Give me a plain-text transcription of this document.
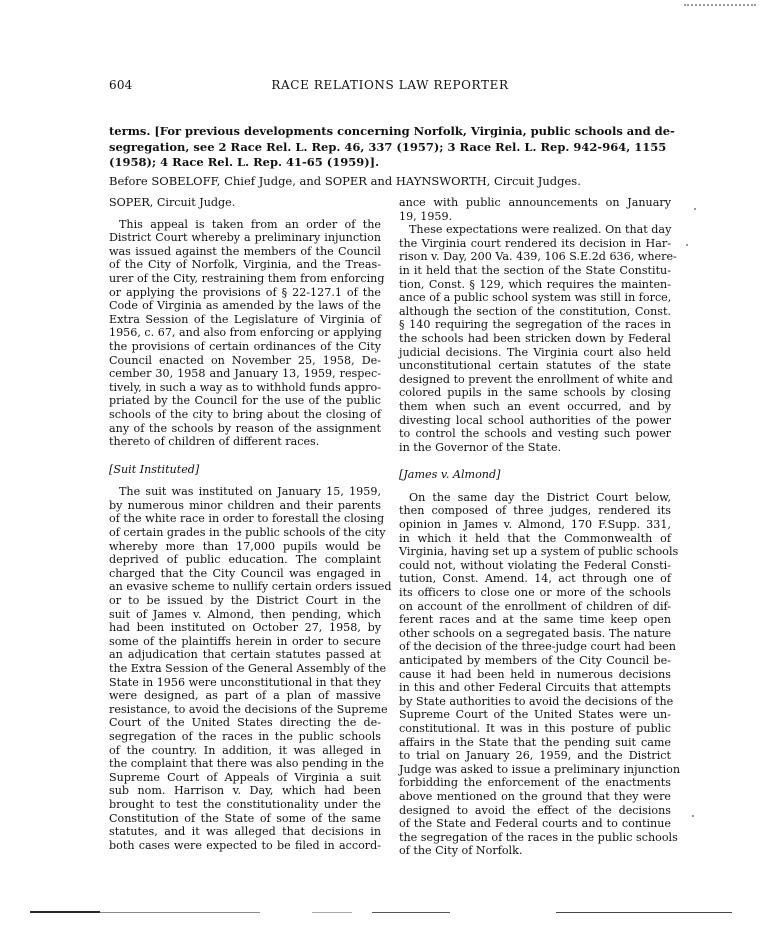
604	RACE RELATIONS LAW REPORTER
terms. [For previous developments concerning Norfolk, Virginia, public schools and de-
segregation, see 2 Race Rel. L. Rep. 46, 337 (1957); 3 Race Rel. L. Rep. 942-964, 1155
(1958); 4 Race Rel. L. Rep. 41-65 (1959)].
Before SOBELOFF, Chief Judge, and SOPER and HAYNSWORTH, Circuit Judges.
SOPER, Circuit Judge.
This appeal is taken from an order of the
District Court whereby a preliminary injunction
was issued against the members of the Council
of the City of Norfolk, Virginia, and the Treas-
urer of the City, restraining them from enforcing
or applying the provisions of § 22-127.1 of the
Code of Virginia as amended by the laws of the
Extra Session of the Legislature of Virginia of
1956, c. 67, and also from enforcing or applying
the provisions of certain ordinances of the City
Council enacted on November 25, 1958, De-
cember 30, 1958 and January 13, 1959, respec-
tively, in such a way as to withhold funds appro-
priated by the Council for the use of the public
schools of the city to bring about the closing of
any of the schools by reason of the assignment
thereto of children of different races.
[Suit Instituted]
The suit was instituted on January 15, 1959,
by numerous minor children and their parents
of the white race in order to forestall the closing
of certain grades in the public schools of the city
whereby more than 17,000 pupils would be
deprived of public education. The complaint
charged that the City Council was engaged in
an evasive scheme to nullify certain orders issued
or to be issued by the District Court in the
suit of James v. Almond, then pending, which
had been instituted on October 27, 1958, by
some of the plaintiffs herein in order to secure
an adjudication that certain statutes passed at
the Extra Session of the General Assembly of the
State in 1956 were unconstitutional in that they
were designed, as part of a plan of massive
resistance, to avoid the decisions of the Supreme
Court of the United States directing the de-
segregation of the races in the public schools
of the country. In addition, it was alleged in
the complaint that there was also pending in the
Supreme Court of Appeals of Virginia a suit
sub nom. Harrison v. Day, which had been
brought to test the constitutionality under the
Constitution of the State of some of the same
statutes, and it was alleged that decisions in
both cases were expected to be filed in accord-
ance with public announcements on January
19, 1959.
These expectations were realized. On that day
the Virginia court rendered its decision in Har-
rison v. Day, 200 Va. 439, 106 S.E.2d 636, where-
in it held that the section of the State Constitu-
tion, Const. § 129, which requires the mainten-
ance of a public school system was still in force,
although the section of the constitution, Const.
§ 140 requiring the segregation of the races in
the schools had been stricken down by Federal
judicial decisions. The Virginia court also held
unconstitutional certain statutes of the state
designed to prevent the enrollment of white and
colored pupils in the same schools by closing
them when such an event occurred, and by
divesting local school authorities of the power
to control the schools and vesting such power
in the Governor of the State.
[James v. Almond]
On the same day the District Court below,
then composed of three judges, rendered its
opinion in James v. Almond, 170 F.Supp. 331,
in which it held that the Commonwealth of
Virginia, having set up a system of public schools
could not, without violating the Federal Consti-
tution, Const. Amend. 14, act through one of
its officers to close one or more of the schools
on account of the enrollment of children of dif-
ferent races and at the same time keep open
other schools on a segregated basis. The nature
of the decision of the three-judge court had been
anticipated by members of the City Council be-
cause it had been held in numerous decisions
in this and other Federal Circuits that attempts
by State authorities to avoid the decisions of the
Supreme Court of the United States were un-
constitutional. It was in this posture of public
affairs in the State that the pending suit came
to trial on January 26, 1959, and the District
Judge was asked to issue a preliminary injunction
forbidding the enforcement of the enactments
above mentioned on the ground that they were
designed to avoid the effect of the decisions
of the State and Federal courts and to continue
the segregation of the races in the public schools
of the City of Norfolk.
